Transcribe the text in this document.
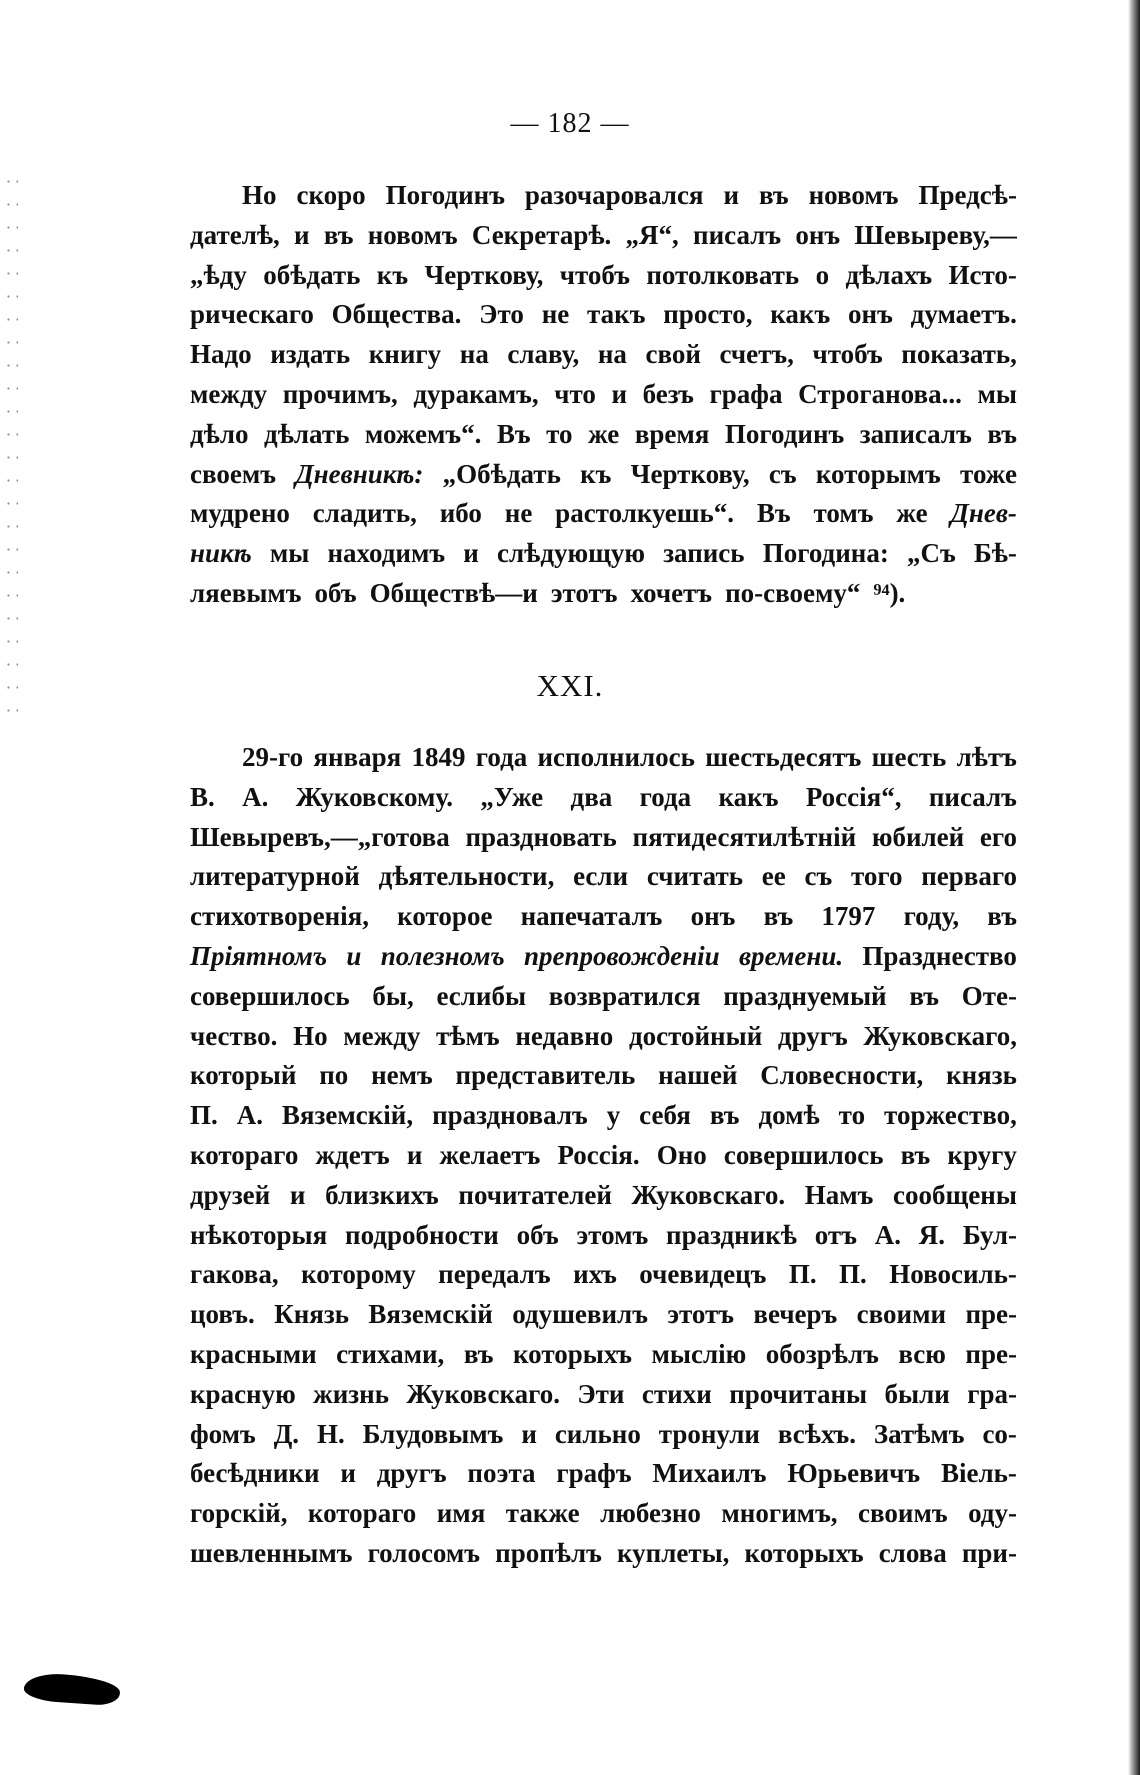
— 182 —
Но скоро Погодинъ разочаровался и въ новомъ Предсѣ-
дателѣ, и въ новомъ Секретарѣ. „Я“, писалъ онъ Шевыреву,—
„ѣду обѣдать къ Черткову, чтобъ потолковать о дѣлахъ Исто-
рическаго Общества. Это не такъ просто, какъ онъ думаетъ.
Надо издать книгу на славу, на свой счетъ, чтобъ показать,
между прочимъ, дуракамъ, что и безъ графа Строганова... мы
дѣло дѣлать можемъ“. Въ то же время Погодинъ записалъ въ
своемъ Дневникѣ: „Обѣдать къ Черткову, съ которымъ тоже
мудрено сладить, ибо не растолкуешь“. Въ томъ же Днев-
никѣ мы находимъ и слѣдующую запись Погодина: „Съ Бѣ-
ляевымъ объ Обществѣ—и этотъ хочетъ по-своему“ ⁹⁴).
XXI.
29-го января 1849 года исполнилось шестьдесятъ шесть лѣтъ
В. А. Жуковскому. „Уже два года какъ Россія“, писалъ
Шевыревъ,—„готова праздновать пятидесятилѣтній юбилей его
литературной дѣятельности, если считать ее съ того перваго
стихотворенія, которое напечаталъ онъ въ 1797 году, въ
Пріятномъ и полезномъ препровожденіи времени. Празднество
совершилось бы, еслибы возвратился празднуемый въ Оте-
чество. Но между тѣмъ недавно достойный другъ Жуковскаго,
который по немъ представитель нашей Словесности, князь
П. А. Вяземскій, праздновалъ у себя въ домѣ то торжество,
котораго ждетъ и желаетъ Россія. Оно совершилось въ кругу
друзей и близкихъ почитателей Жуковскаго. Намъ сообщены
нѣкоторыя подробности объ этомъ праздникѣ отъ А. Я. Бул-
гакова, которому передалъ ихъ очевидецъ П. П. Новосиль-
цовъ. Князь Вяземскій одушевилъ этотъ вечеръ своими пре-
красными стихами, въ которыхъ мыслію обозрѣлъ всю пре-
красную жизнь Жуковскаго. Эти стихи прочитаны были гра-
фомъ Д. Н. Блудовымъ и сильно тронули всѣхъ. Затѣмъ со-
бесѣдники и другъ поэта графъ Михаилъ Юрьевичъ Віель-
горскій, котораго имя также любезно многимъ, своимъ оду-
шевленнымъ голосомъ пропѣлъ куплеты, которыхъ слова при-
